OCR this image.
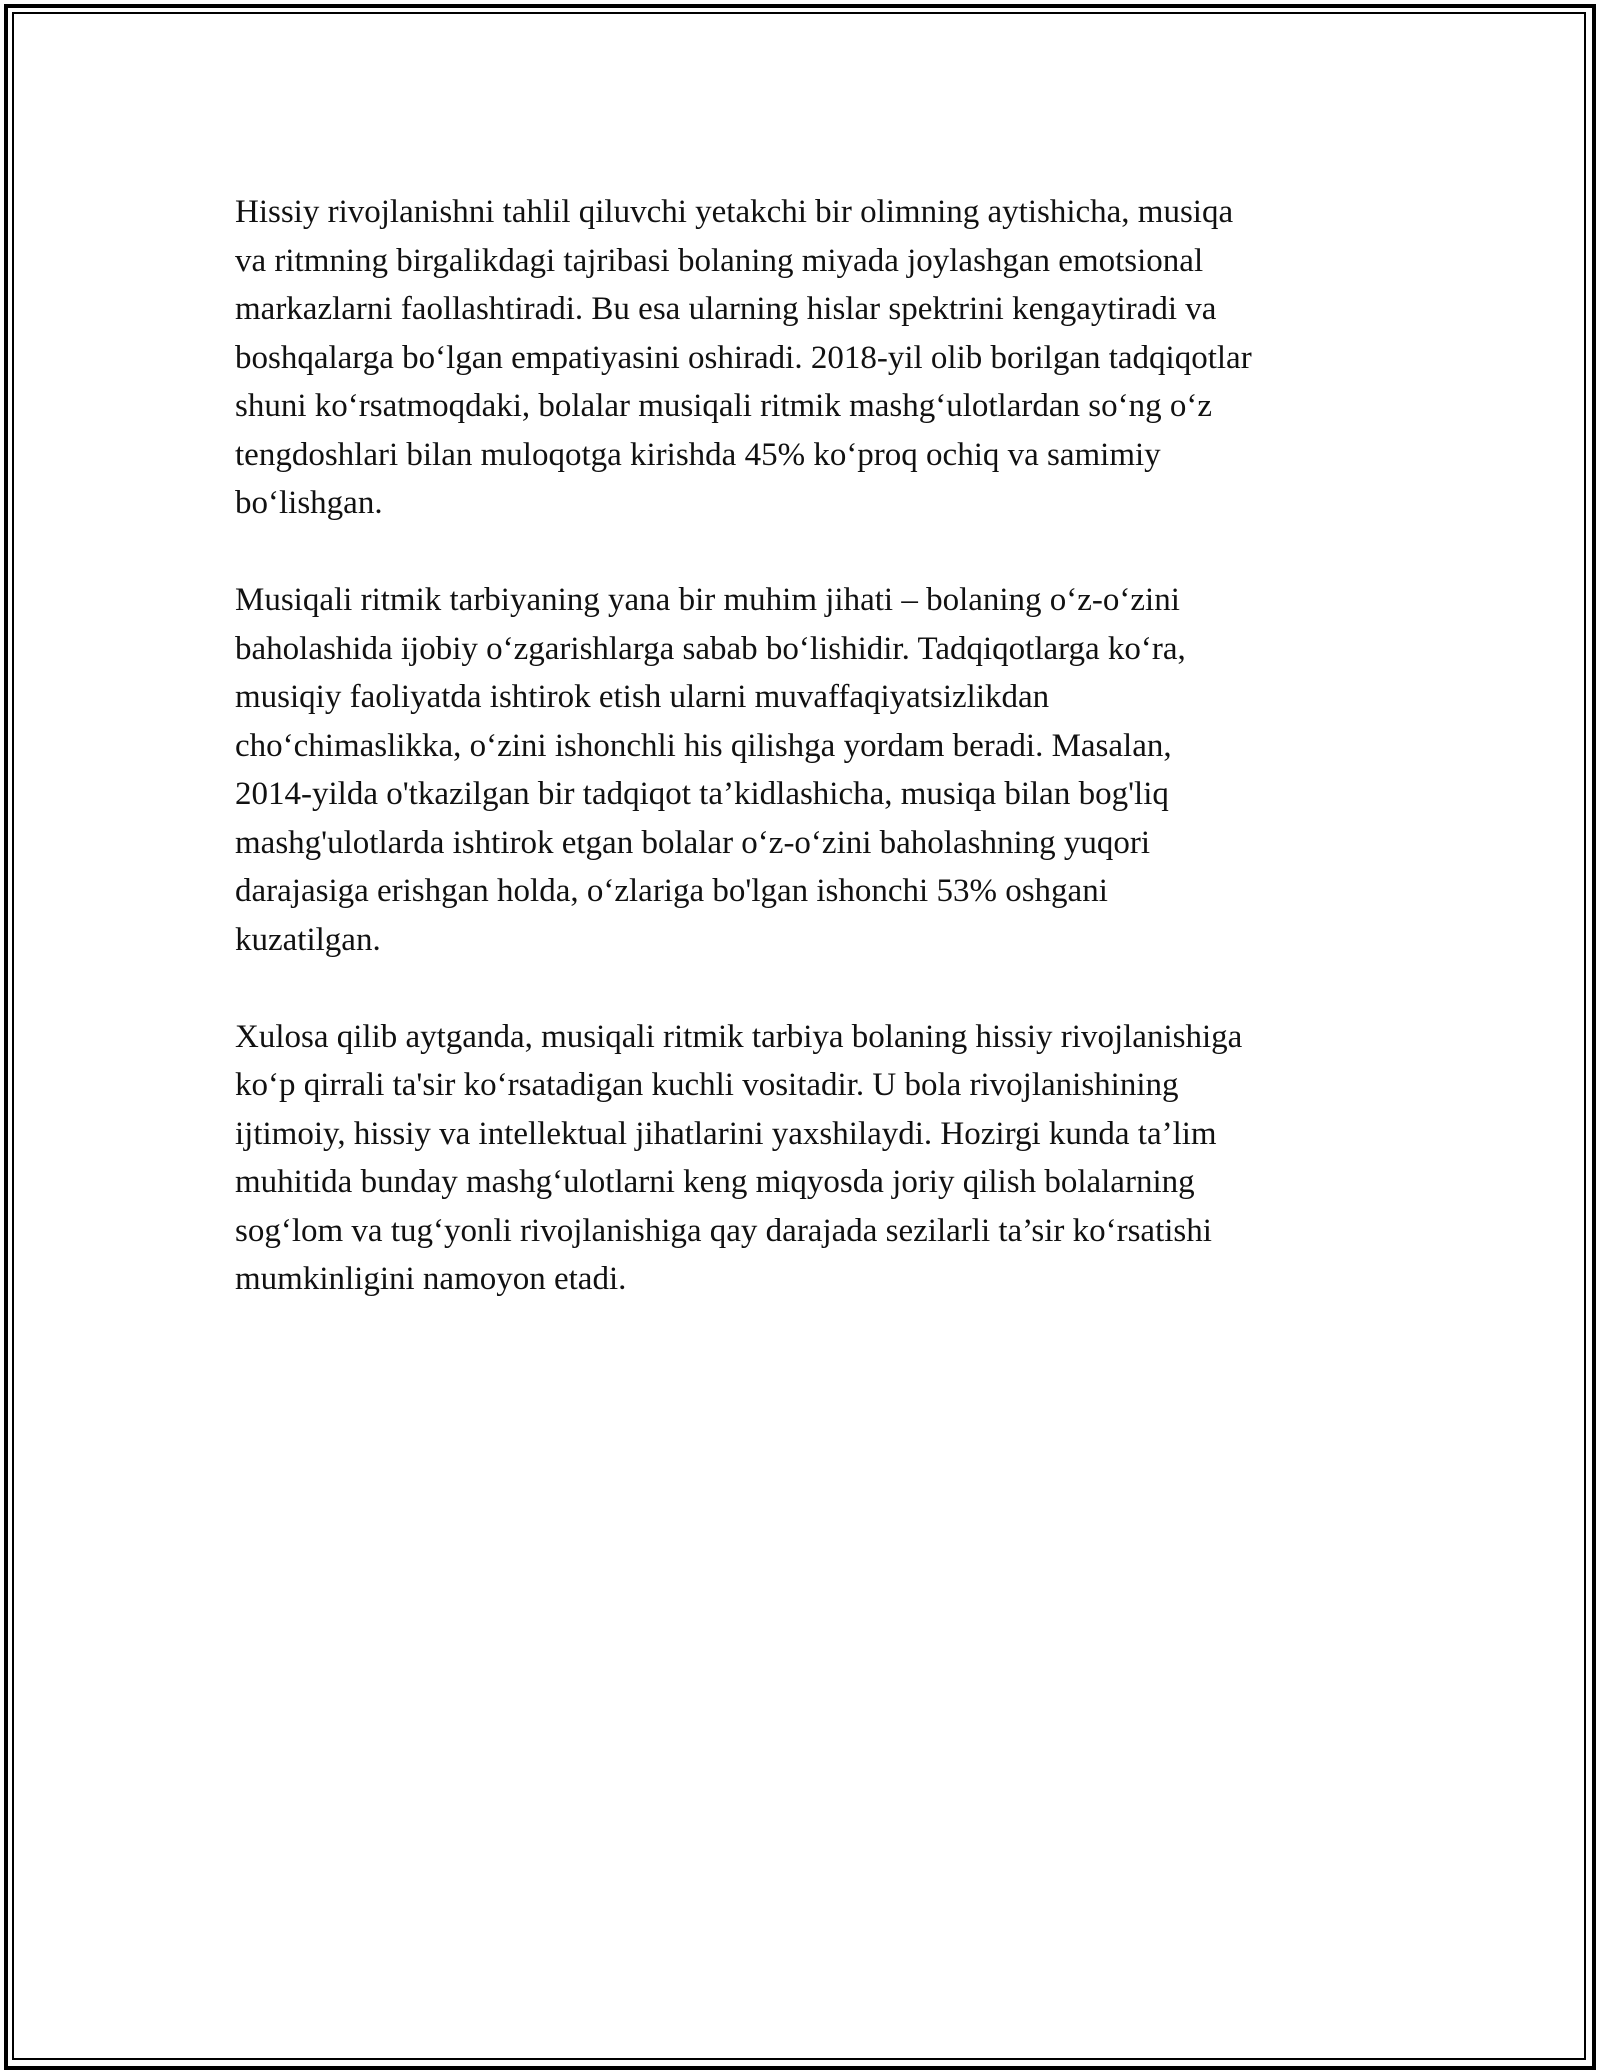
Hissiy rivojlanishni tahlil qiluvchi yetakchi bir olimning aytishicha, musiqa
va ritmning birgalikdagi tajribasi bolaning miyada joylashgan emotsional
markazlarni faollashtiradi. Bu esa ularning hislar spektrini kengaytiradi va
boshqalarga bo‘lgan empatiyasini oshiradi. 2018-yil olib borilgan tadqiqotlar
shuni ko‘rsatmoqdaki, bolalar musiqali ritmik mashg‘ulotlardan so‘ng o‘z
tengdoshlari bilan muloqotga kirishda 45% ko‘proq ochiq va samimiy
bo‘lishgan.

Musiqali ritmik tarbiyaning yana bir muhim jihati – bolaning o‘z-o‘zini
baholashida ijobiy o‘zgarishlarga sabab bo‘lishidir. Tadqiqotlarga ko‘ra,
musiqiy faoliyatda ishtirok etish ularni muvaffaqiyatsizlikdan
cho‘chimaslikka, o‘zini ishonchli his qilishga yordam beradi. Masalan,
2014-yilda o'tkazilgan bir tadqiqot ta’kidlashicha, musiqa bilan bog'liq
mashg'ulotlarda ishtirok etgan bolalar o‘z-o‘zini baholashning yuqori
darajasiga erishgan holda, o‘zlariga bo'lgan ishonchi 53% oshgani
kuzatilgan.

Xulosa qilib aytganda, musiqali ritmik tarbiya bolaning hissiy rivojlanishiga
ko‘p qirrali ta'sir ko‘rsatadigan kuchli vositadir. U bola rivojlanishining
ijtimoiy, hissiy va intellektual jihatlarini yaxshilaydi. Hozirgi kunda ta’lim
muhitida bunday mashg‘ulotlarni keng miqyosda joriy qilish bolalarning
sog‘lom va tug‘yonli rivojlanishiga qay darajada sezilarli ta’sir ko‘rsatishi
mumkinligini namoyon etadi.
